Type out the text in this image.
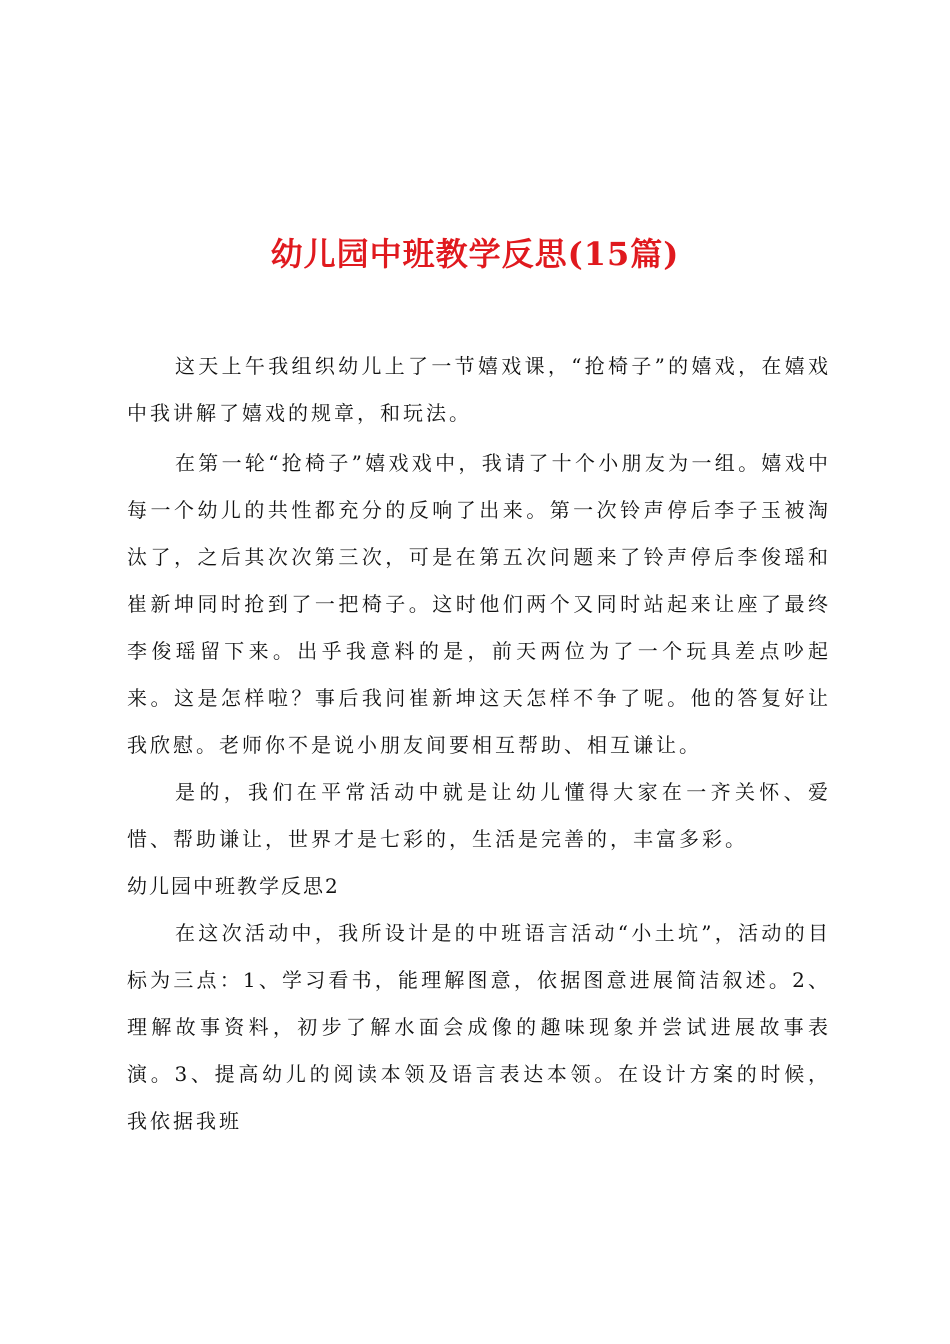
幼儿园中班教学反思(15篇)

这天上午我组织幼儿上了一节嬉戏课，“抢椅子”的嬉戏，在嬉戏中我讲解了嬉戏的规章，和玩法。

在第一轮“抢椅子”嬉戏戏中，我请了十个小朋友为一组。嬉戏中每一个幼儿的共性都充分的反响了出来。第一次铃声停后李子玉被淘汰了，之后其次次第三次，可是在第五次问题来了铃声停后李俊瑶和崔新坤同时抢到了一把椅子。这时他们两个又同时站起来让座了最终李俊瑶留下来。出乎我意料的是，前天两位为了一个玩具差点吵起来。这是怎样啦？事后我问崔新坤这天怎样不争了呢。他的答复好让我欣慰。老师你不是说小朋友间要相互帮助、相互谦让。

是的，我们在平常活动中就是让幼儿懂得大家在一齐关怀、爱惜、帮助谦让，世界才是七彩的，生活是完善的，丰富多彩。

幼儿园中班教学反思2

在这次活动中，我所设计是的中班语言活动“小土坑”，活动的目标为三点：1、学习看书，能理解图意，依据图意进展简洁叙述。2、理解故事资料，初步了解水面会成像的趣味现象并尝试进展故事表演。3、提高幼儿的阅读本领及语言表达本领。在设计方案的时候，我依据我班
